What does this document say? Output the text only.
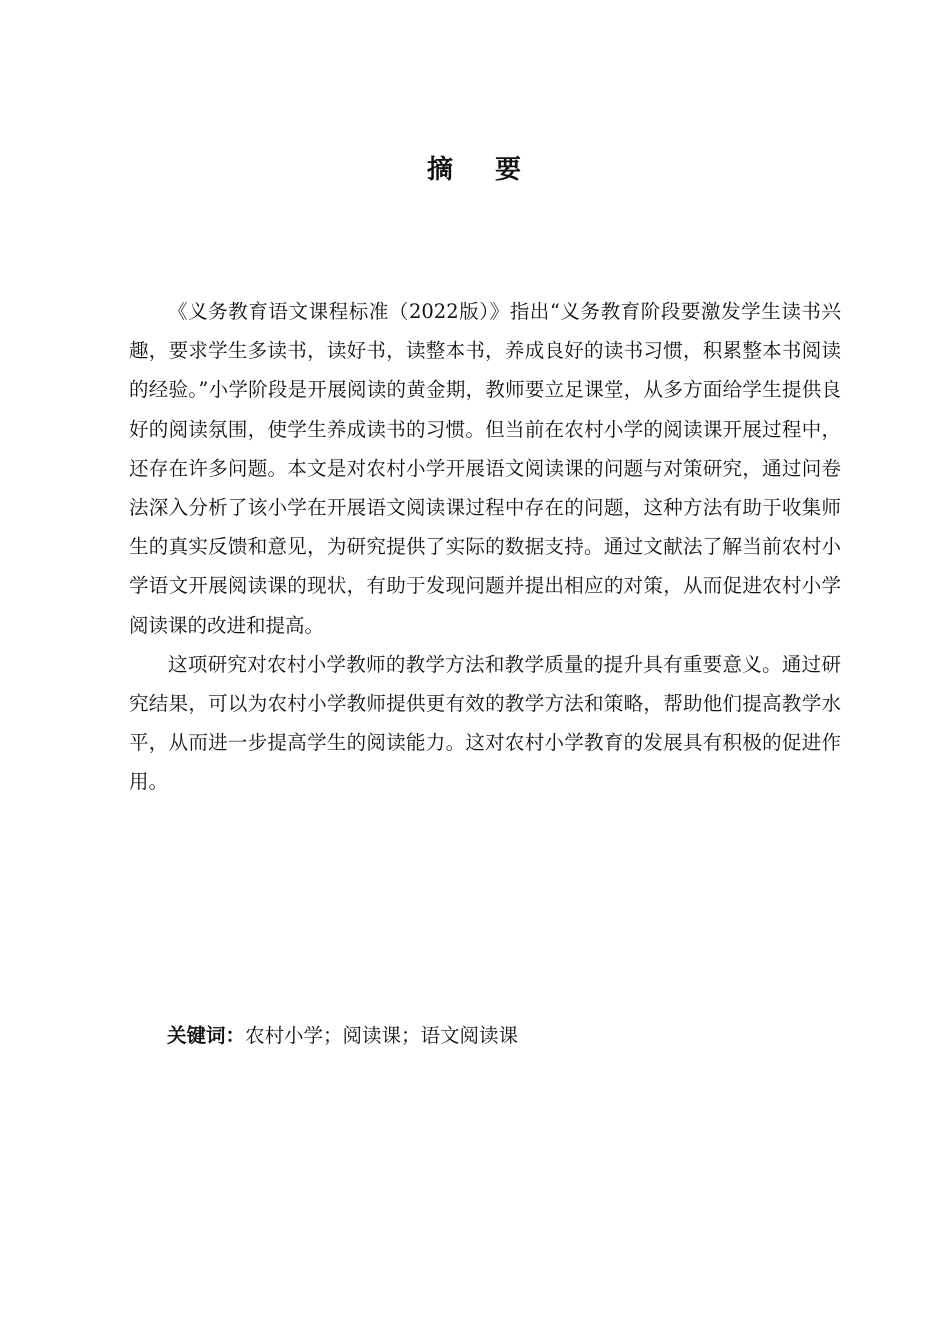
摘 要

《义务教育语文课程标准（2022版）》指出“义务教育阶段要激发学生读书兴趣，要求学生多读书，读好书，读整本书，养成良好的读书习惯，积累整本书阅读的经验。”小学阶段是开展阅读的黄金期，教师要立足课堂，从多方面给学生提供良好的阅读氛围，使学生养成读书的习惯。但当前在农村小学的阅读课开展过程中，还存在许多问题。本文是对农村小学开展语文阅读课的问题与对策研究，通过问卷法深入分析了该小学在开展语文阅读课过程中存在的问题，这种方法有助于收集师生的真实反馈和意见，为研究提供了实际的数据支持。通过文献法了解当前农村小学语文开展阅读课的现状，有助于发现问题并提出相应的对策，从而促进农村小学阅读课的改进和提高。

这项研究对农村小学教师的教学方法和教学质量的提升具有重要意义。通过研究结果，可以为农村小学教师提供更有效的教学方法和策略，帮助他们提高教学水平，从而进一步提高学生的阅读能力。这对农村小学教育的发展具有积极的促进作用。

关键词：农村小学；阅读课；语文阅读课
